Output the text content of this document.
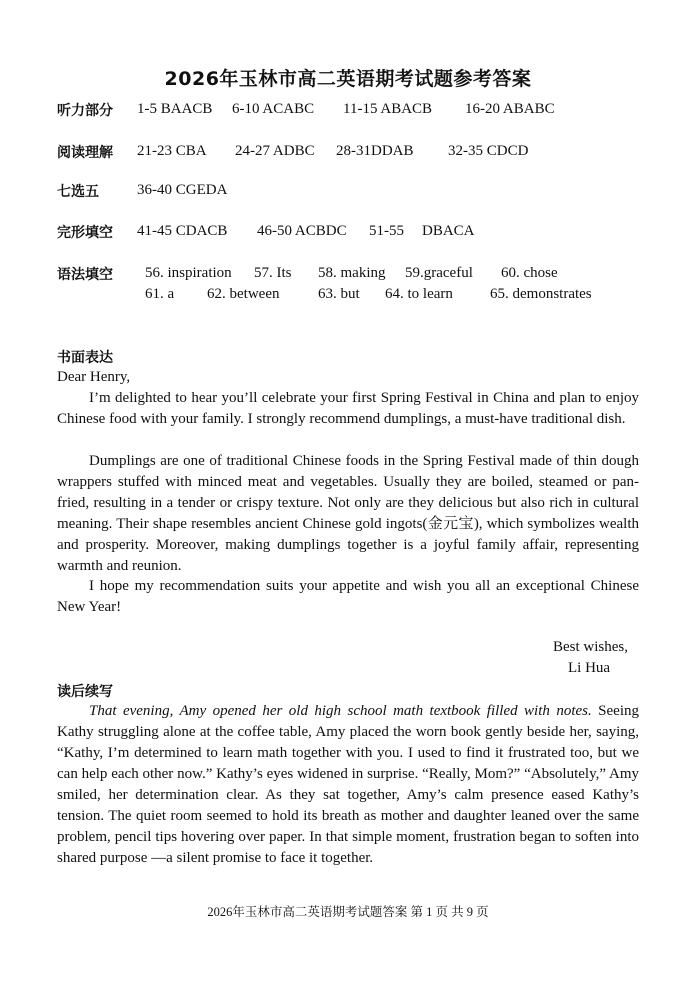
2026年玉林市高二英语期考试题参考答案
听力部分 1-5 BAACB 6-10 ACABC 11-15 ABACB 16-20 ABABC
阅读理解 21-23 CBA 24-27 ADBC 28-31DDAB 32-35 CDCD
七选五	36-40 CGEDA
完形填空 41-45 CDACB 46-50 ACBDC 51-55 DBACA
语法填空 56. inspiration 57. Its 58. making 59.graceful 60. chose
61. a 62. between	63. but 64. to learn 65. demonstrates
书面表达

Dear Henry,

I’m delighted to hear you’ll celebrate your first Spring Festival in China and plan to enjoy Chinese food with your family. I strongly recommend dumplings, a must-have traditional dish.

Dumplings are one of traditional Chinese foods in the Spring Festival made of thin dough wrappers stuffed with minced meat and vegetables. Usually they are boiled, steamed or pan-fried, resulting in a tender or crispy texture. Not only are they delicious but also rich in cultural meaning. Their shape resembles ancient Chinese gold ingots(金元宝), which symbolizes wealth and prosperity. Moreover, making dumplings together is a joyful family affair, representing warmth and reunion.

I hope my recommendation suits your appetite and wish you all an exceptional Chinese New Year!

Best wishes,
Li Hua
读后续写

That evening, Amy opened her old high school math textbook filled with notes. Seeing Kathy struggling alone at the coffee table, Amy placed the worn book gently beside her, saying, “Kathy, I’m determined to learn math together with you. I used to find it frustrated too, but we can help each other now.” Kathy’s eyes widened in surprise. “Really, Mom?” “Absolutely,” Amy smiled, her determination clear. As they sat together, Amy’s calm presence eased Kathy’s tension. The quiet room seemed to hold its breath as mother and daughter leaned over the same problem, pencil tips hovering over paper. In that simple moment, frustration began to soften into shared purpose —a silent promise to face it together.

2026年玉林市高二英语期考试题答案 第 1 页 共 9 页
